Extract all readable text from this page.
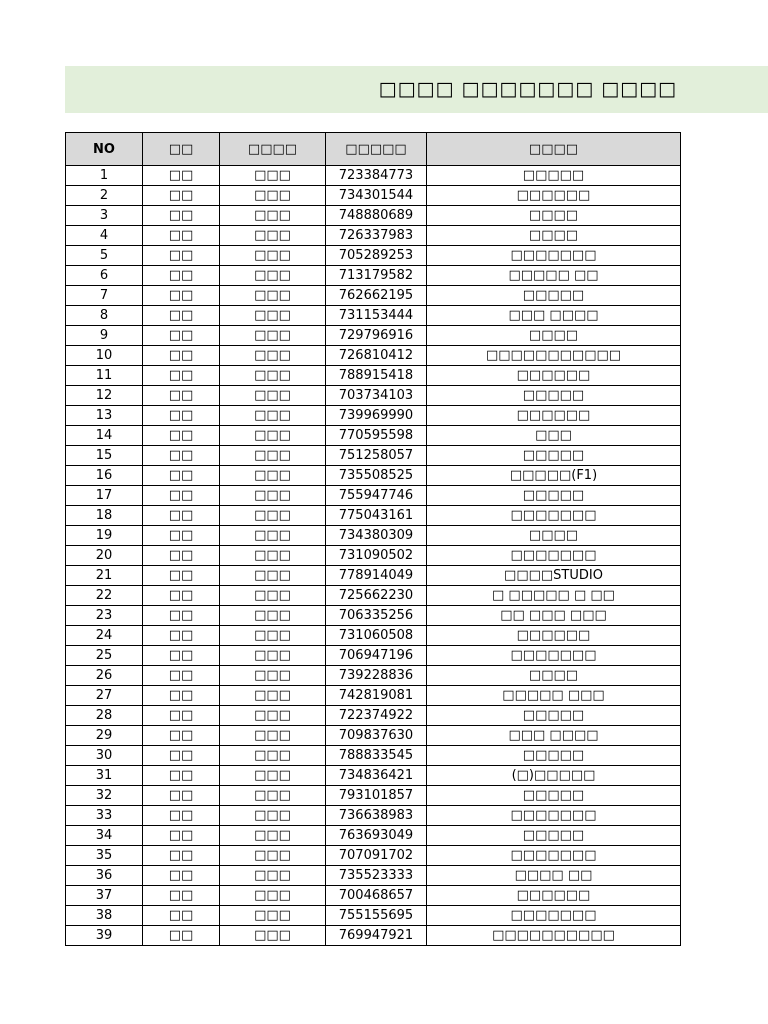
□□□□ □□□□□□□ □□□□
NO	□□	□□□□	□□□□□	□□□□
1	□□	□□□	723384773	□□□□□
2	□□	□□□	734301544	□□□□□□
3	□□	□□□	748880689	□□□□
4	□□	□□□	726337983	□□□□
5	□□	□□□	705289253	□□□□□□□
6	□□	□□□	713179582	□□□□□ □□
7	□□	□□□	762662195	□□□□□
8	□□	□□□	731153444	□□□ □□□□
9	□□	□□□	729796916	□□□□
10	□□	□□□	726810412	□□□□□□□□□□□
11	□□	□□□	788915418	□□□□□□
12	□□	□□□	703734103	□□□□□
13	□□	□□□	739969990	□□□□□□
14	□□	□□□	770595598	□□□
15	□□	□□□	751258057	□□□□□
16	□□	□□□	735508525	□□□□□(F1)
17	□□	□□□	755947746	□□□□□
18	□□	□□□	775043161	□□□□□□□
19	□□	□□□	734380309	□□□□
20	□□	□□□	731090502	□□□□□□□
21	□□	□□□	778914049	□□□□STUDIO
22	□□	□□□	725662230	□ □□□□□ □ □□
23	□□	□□□	706335256	□□ □□□ □□□
24	□□	□□□	731060508	□□□□□□
25	□□	□□□	706947196	□□□□□□□
26	□□	□□□	739228836	□□□□
27	□□	□□□	742819081	□□□□□ □□□
28	□□	□□□	722374922	□□□□□
29	□□	□□□	709837630	□□□ □□□□
30	□□	□□□	788833545	□□□□□
31	□□	□□□	734836421	(□)□□□□□
32	□□	□□□	793101857	□□□□□
33	□□	□□□	736638983	□□□□□□□
34	□□	□□□	763693049	□□□□□
35	□□	□□□	707091702	□□□□□□□
36	□□	□□□	735523333	□□□□ □□
37	□□	□□□	700468657	□□□□□□
38	□□	□□□	755155695	□□□□□□□
39	□□	□□□	769947921	□□□□□□□□□□
